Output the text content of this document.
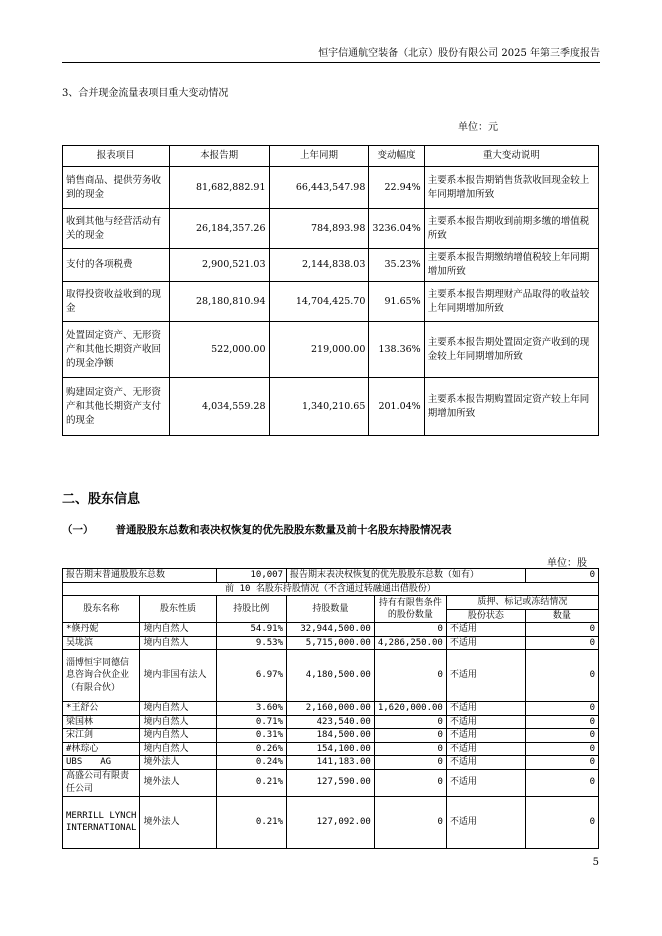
恒宇信通航空装备（北京）股份有限公司 2025 年第三季度报告
3、合并现金流量表项目重大变动情况
单位：元
报表项目	本报告期	上年同期	变动幅度	重大变动说明
销售商品、提供劳务收到的现金	81,682,882.91	66,443,547.98	22.94%	主要系本报告期销售货款收回现金较上年同期增加所致
收到其他与经营活动有关的现金	26,184,357.26	784,893.98	3236.04%	主要系本报告期收到前期多缴的增值税所致
支付的各项税费	2,900,521.03	2,144,838.03	35.23%	主要系本报告期缴纳增值税较上年同期增加所致
取得投资收益收到的现金	28,180,810.94	14,704,425.70	91.65%	主要系本报告期理财产品取得的收益较上年同期增加所致
处置固定资产、无形资产和其他长期资产收回的现金净额	522,000.00	219,000.00	138.36%	主要系本报告期处置固定资产收到的现金较上年同期增加所致
购建固定资产、无形资产和其他长期资产支付的现金	4,034,559.28	1,340,210.65	201.04%	主要系本报告期购置固定资产较上年同期增加所致
二、股东信息
（一） 普通股股东总数和表决权恢复的优先股股东数量及前十名股东持股情况表
单位：股
报告期末普通股股东总数		10,007	报告期末表决权恢复的优先股股东总数（如有）			0
前 10 名股东持股情况（不含通过转融通出借股份）						
股东名称	股东性质	持股比例	持股数量	持有有限售条件的股份数量	质押、标记或冻结情况	
					股份状态	数量
*倏丹妮	境内自然人	54.91%	32,944,500.00	0	不适用	0
吴垅滨	境内自然人	9.53%	5,715,000.00	4,286,250.00	不适用	0
淄博恒宇同德信息咨询合伙企业（有限合伙）	境内非国有法人	6.97%	4,180,500.00	0	不适用	0
*王舒公	境内自然人	3.60%	2,160,000.00	1,620,000.00	不适用	0
梁国林	境内自然人	0.71%	423,540.00	0	不适用	0
宋江剑	境内自然人	0.31%	184,500.00	0	不适用	0
#林琮心	境内自然人	0.26%	154,100.00	0	不适用	0
UBS　　AG	境外法人	0.24%	141,183.00	0	不适用	0
高盛公司有限责任公司	境外法人	0.21%	127,590.00	0	不适用	0
MERRILL LYNCH INTERNATIONAL	境外法人	0.21%	127,092.00	0	不适用	0
5
